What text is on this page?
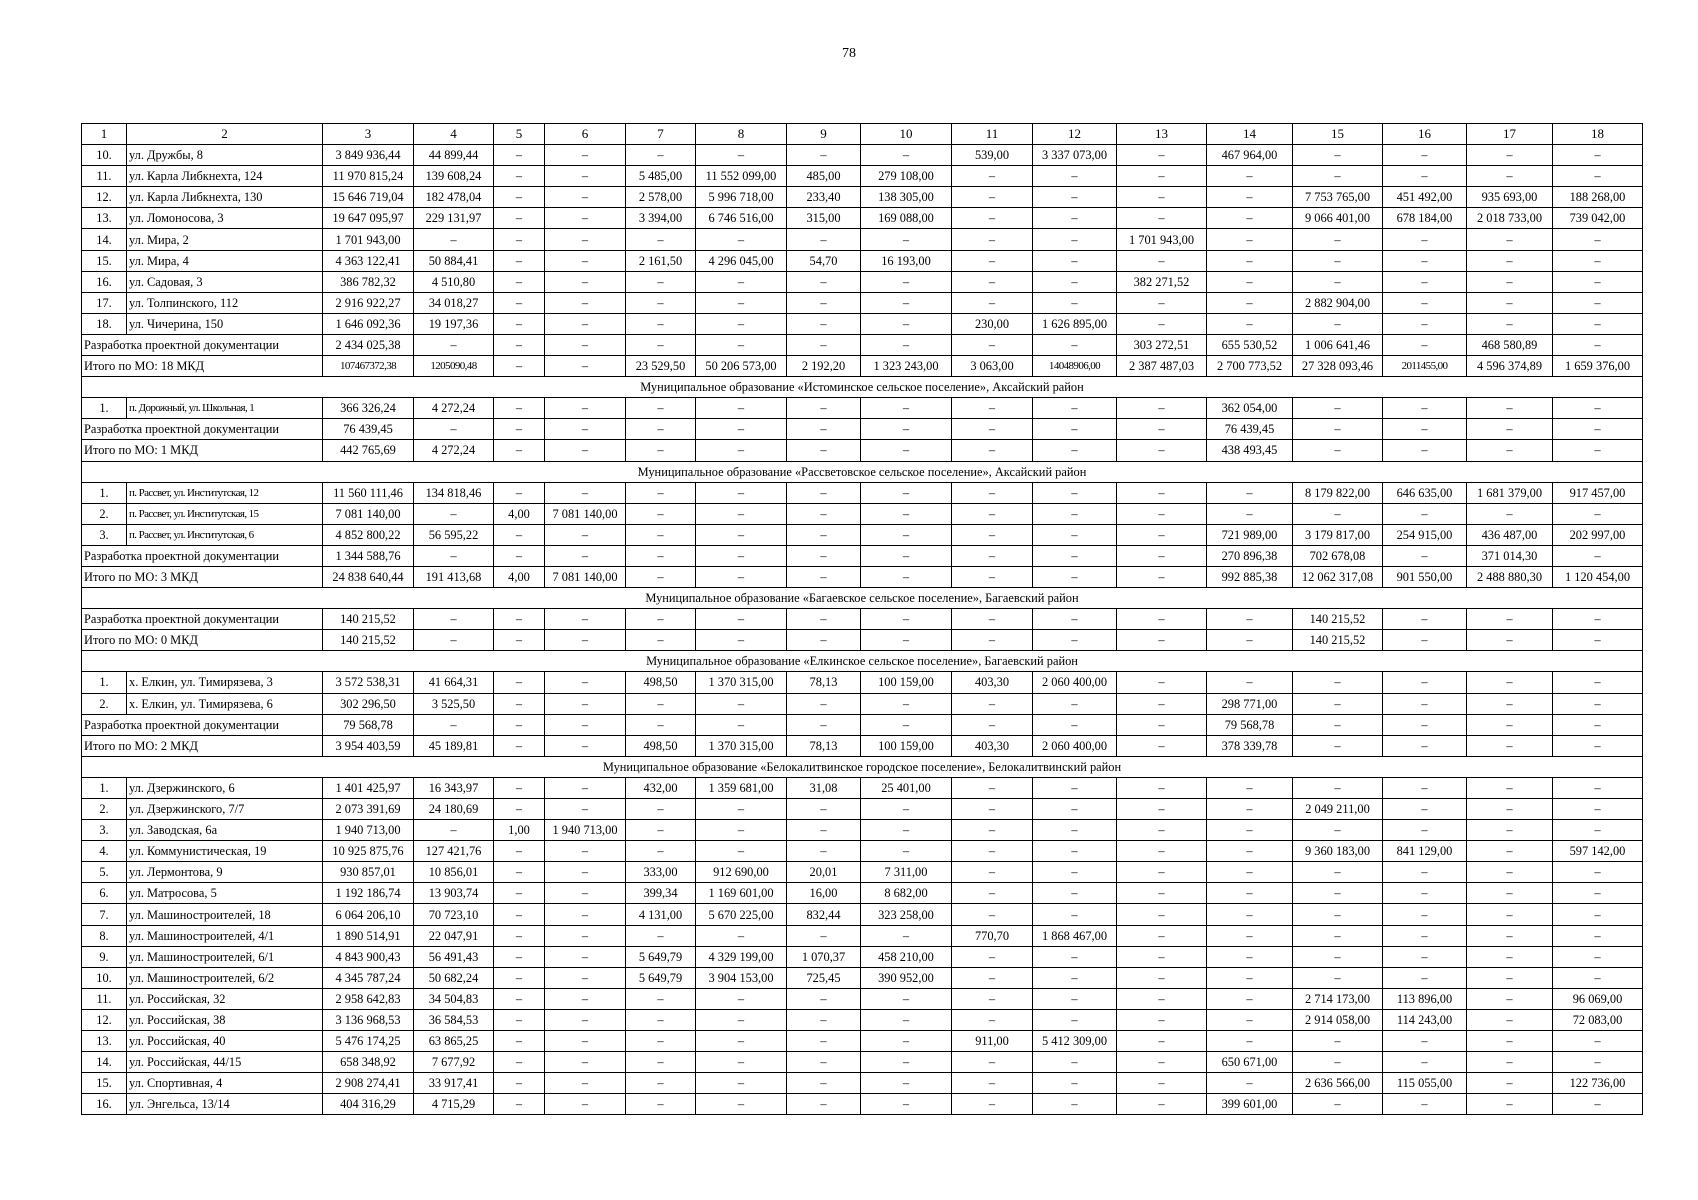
78
1	2	3	4	5	6	7	8	9	10	11	12	13	14	15	16	17	18
10.	ул. Дружбы, 8	3 849 936,44	44 899,44	–	–	–	–	–	–	539,00	3 337 073,00	–	467 964,00	–	–	–	–
11.	ул. Карла Либкнехта, 124	11 970 815,24	139 608,24	–	–	5 485,00	11 552 099,00	485,00	279 108,00	–	–	–	–	–	–	–	–
12.	ул. Карла Либкнехта, 130	15 646 719,04	182 478,04	–	–	2 578,00	5 996 718,00	233,40	138 305,00	–	–	–	–	7 753 765,00	451 492,00	935 693,00	188 268,00
13.	ул. Ломоносова, 3	19 647 095,97	229 131,97	–	–	3 394,00	6 746 516,00	315,00	169 088,00	–	–	–	–	9 066 401,00	678 184,00	2 018 733,00	739 042,00
14.	ул. Мира, 2	1 701 943,00	–	–	–	–	–	–	–	–	–	1 701 943,00	–	–	–	–	–
15.	ул. Мира, 4	4 363 122,41	50 884,41	–	–	2 161,50	4 296 045,00	54,70	16 193,00	–	–	–	–	–	–	–	–
16.	ул. Садовая, 3	386 782,32	4 510,80	–	–	–	–	–	–	–	–	382 271,52	–	–	–	–	–
17.	ул. Толпинского, 112	2 916 922,27	34 018,27	–	–	–	–	–	–	–	–	–	–	2 882 904,00	–	–	–
18.	ул. Чичерина, 150	1 646 092,36	19 197,36	–	–	–	–	–	–	230,00	1 626 895,00	–	–	–	–	–	–
Разработка проектной документации		2 434 025,38	–	–	–	–	–	–	–	–	–	303 272,51	655 530,52	1 006 641,46	–	468 580,89	–
Итого по МО: 18 МКД		107467372,38	1205090,48	–	–	23 529,50	50 206 573,00	2 192,20	1 323 243,00	3 063,00	14048906,00	2 387 487,03	2 700 773,52	27 328 093,46	2011455,00	4 596 374,89	1 659 376,00
Муниципальное образование «Истоминское сельское поселение», Аксайский район																	
1.	п. Дорожный, ул. Школьная, 1	366 326,24	4 272,24	–	–	–	–	–	–	–	–	–	362 054,00	–	–	–	–
Разработка проектной документации		76 439,45	–	–	–	–	–	–	–	–	–	–	76 439,45	–	–	–	–
Итого по МО: 1 МКД		442 765,69	4 272,24	–	–	–	–	–	–	–	–	–	438 493,45	–	–	–	–
Муниципальное образование «Рассветовское сельское поселение», Аксайский район																	
1.	п. Рассвет, ул. Институтская, 12	11 560 111,46	134 818,46	–	–	–	–	–	–	–	–	–	–	8 179 822,00	646 635,00	1 681 379,00	917 457,00
2.	п. Рассвет, ул. Институтская, 15	7 081 140,00	–	4,00	7 081 140,00	–	–	–	–	–	–	–	–	–	–	–	–
3.	п. Рассвет, ул. Институтская, 6	4 852 800,22	56 595,22	–	–	–	–	–	–	–	–	–	721 989,00	3 179 817,00	254 915,00	436 487,00	202 997,00
Разработка проектной документации		1 344 588,76	–	–	–	–	–	–	–	–	–	–	270 896,38	702 678,08	–	371 014,30	–
Итого по МО: 3 МКД		24 838 640,44	191 413,68	4,00	7 081 140,00	–	–	–	–	–	–	–	992 885,38	12 062 317,08	901 550,00	2 488 880,30	1 120 454,00
Муниципальное образование «Багаевское сельское поселение», Багаевский район																	
Разработка проектной документации		140 215,52	–	–	–	–	–	–	–	–	–	–	–	140 215,52	–	–	–
Итого по МО: 0 МКД		140 215,52	–	–	–	–	–	–	–	–	–	–	–	140 215,52	–	–	–
Муниципальное образование «Елкинское сельское поселение», Багаевский район																	
1.	х. Елкин, ул. Тимирязева, 3	3 572 538,31	41 664,31	–	–	498,50	1 370 315,00	78,13	100 159,00	403,30	2 060 400,00	–	–	–	–	–	–
2.	х. Елкин, ул. Тимирязева, 6	302 296,50	3 525,50	–	–	–	–	–	–	–	–	–	298 771,00	–	–	–	–
Разработка проектной документации		79 568,78	–	–	–	–	–	–	–	–	–	–	79 568,78	–	–	–	–
Итого по МО: 2 МКД		3 954 403,59	45 189,81	–	–	498,50	1 370 315,00	78,13	100 159,00	403,30	2 060 400,00	–	378 339,78	–	–	–	–
Муниципальное образование «Белокалитвинское городское поселение», Белокалитвинский район																	
1.	ул. Дзержинского, 6	1 401 425,97	16 343,97	–	–	432,00	1 359 681,00	31,08	25 401,00	–	–	–	–	–	–	–	–
2.	ул. Дзержинского, 7/7	2 073 391,69	24 180,69	–	–	–	–	–	–	–	–	–	–	2 049 211,00	–	–	–
3.	ул. Заводская, 6а	1 940 713,00	–	1,00	1 940 713,00	–	–	–	–	–	–	–	–	–	–	–	–
4.	ул. Коммунистическая, 19	10 925 875,76	127 421,76	–	–	–	–	–	–	–	–	–	–	9 360 183,00	841 129,00	–	597 142,00
5.	ул. Лермонтова, 9	930 857,01	10 856,01	–	–	333,00	912 690,00	20,01	7 311,00	–	–	–	–	–	–	–	–
6.	ул. Матросова, 5	1 192 186,74	13 903,74	–	–	399,34	1 169 601,00	16,00	8 682,00	–	–	–	–	–	–	–	–
7.	ул. Машиностроителей, 18	6 064 206,10	70 723,10	–	–	4 131,00	5 670 225,00	832,44	323 258,00	–	–	–	–	–	–	–	–
8.	ул. Машиностроителей, 4/1	1 890 514,91	22 047,91	–	–	–	–	–	–	770,70	1 868 467,00	–	–	–	–	–	–
9.	ул. Машиностроителей, 6/1	4 843 900,43	56 491,43	–	–	5 649,79	4 329 199,00	1 070,37	458 210,00	–	–	–	–	–	–	–	–
10.	ул. Машиностроителей, 6/2	4 345 787,24	50 682,24	–	–	5 649,79	3 904 153,00	725,45	390 952,00	–	–	–	–	–	–	–	–
11.	ул. Российская, 32	2 958 642,83	34 504,83	–	–	–	–	–	–	–	–	–	–	2 714 173,00	113 896,00	–	96 069,00
12.	ул. Российская, 38	3 136 968,53	36 584,53	–	–	–	–	–	–	–	–	–	–	2 914 058,00	114 243,00	–	72 083,00
13.	ул. Российская, 40	5 476 174,25	63 865,25	–	–	–	–	–	–	911,00	5 412 309,00	–	–	–	–	–	–
14.	ул. Российская, 44/15	658 348,92	7 677,92	–	–	–	–	–	–	–	–	–	650 671,00	–	–	–	–
15.	ул. Спортивная, 4	2 908 274,41	33 917,41	–	–	–	–	–	–	–	–	–	–	2 636 566,00	115 055,00	–	122 736,00
16.	ул. Энгельса, 13/14	404 316,29	4 715,29	–	–	–	–	–	–	–	–	–	399 601,00	–	–	–	–
